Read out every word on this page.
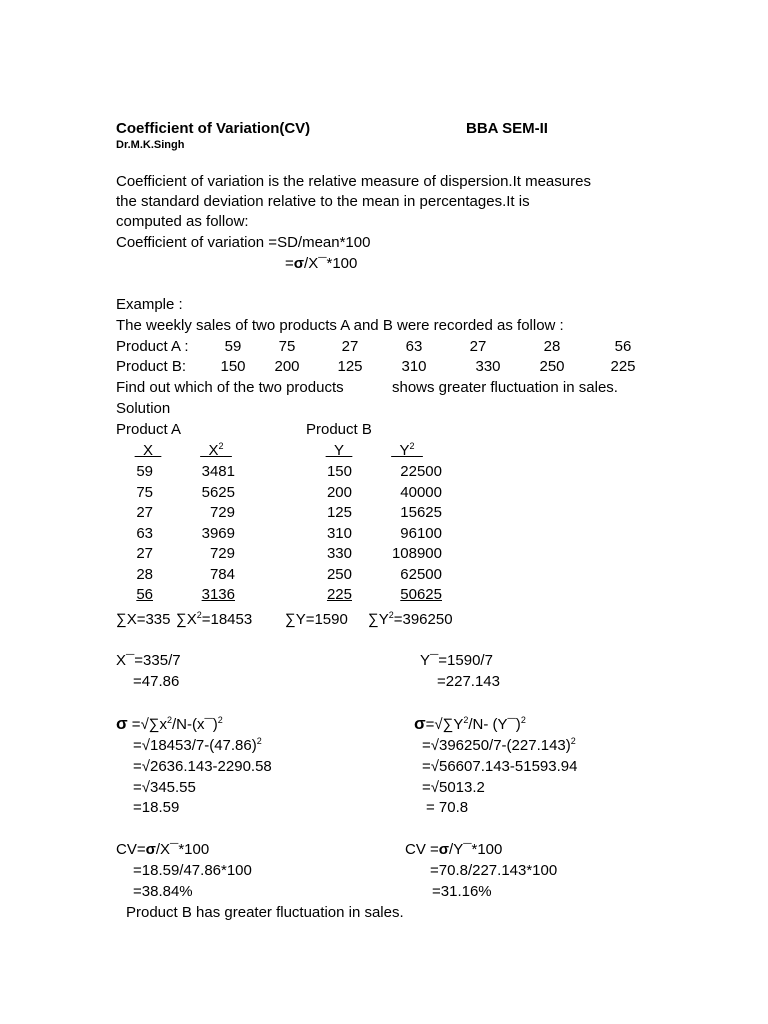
Coefficient of Variation(CV)	BBA SEM-II
Dr.M.K.Singh
Coefficient of variation is the relative measure of dispersion.It measures
the standard deviation relative to the mean in percentages.It is
computed as follow:
Coefficient of variation =SD/mean*100
=σ/X¯*100
Example :
The weekly sales of two products A and B were recorded as follow :
Product A :	59	75	27	63	27	28	56
Product B:	150	200	125	310	330	250	225
Find out which of the two products	shows greater fluctuation in sales.
Solution
Product A	Product B
X	$X^2$	Y	$Y^2$
59	3481	150	22500
75	5625	200	40000
27	729	125	15625
63	3969	310	96100
27	729	330	108900
28	784	250	62500
56	3136	225	50625
∑X=335 $\sum X^2=18453$ ∑Y=1590 $\sum Y^2=396250$
X¯=335/7
=47.86
Y¯=1590/7
=227.143
$\sigma =√\sum x^2/N-(x¯)^2$
$=√18453/7-(47.86)^2$
=√2636.143-2290.58
=√345.55
=18.59
$\sigma=√\sum Y^2/N-$ (Y¯)$^2$
$=√396250/7-(227.143)^2$
=√56607.143-51593.94
=√5013.2
= 70.8
CV=σ/X¯*100
=18.59/47.86*100
=38.84%
CV =σ/Y¯*100
=70.8/227.143*100
=31.16%
Product B has greater fluctuation in sales.
